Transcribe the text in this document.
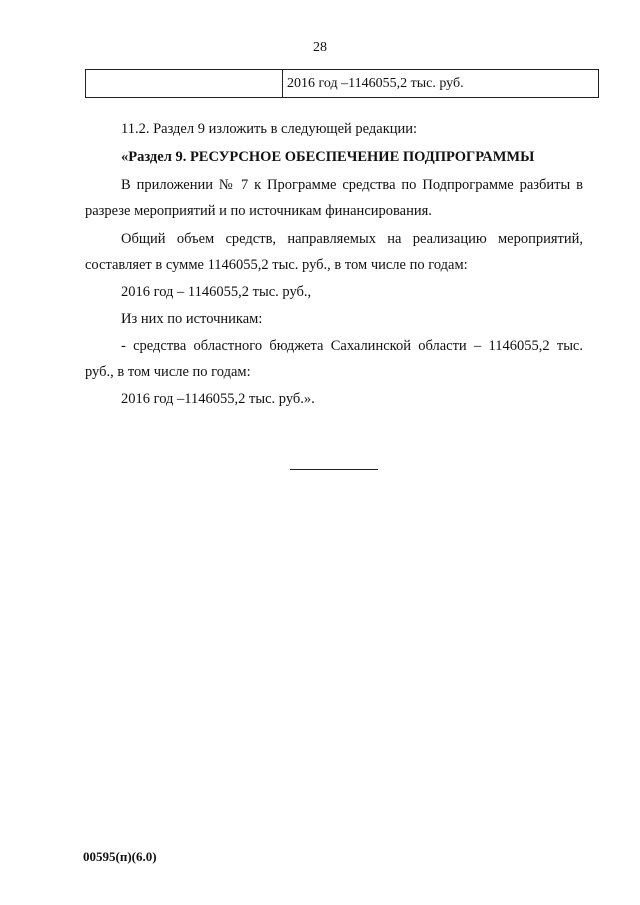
28
2016 год –1146055,2 тыс. руб.
11.2. Раздел 9 изложить в следующей редакции:
«Раздел 9. РЕСУРСНОЕ ОБЕСПЕЧЕНИЕ ПОДПРОГРАММЫ
В приложении № 7 к Программе средства по Подпрограмме разбиты в
разрезе мероприятий и по источникам финансирования.
Общий объем средств, направляемых на реализацию мероприятий,
составляет в сумме 1146055,2 тыс. руб., в том числе по годам:
2016 год – 1146055,2 тыс. руб.,
Из них по источникам:
- средства областного бюджета Сахалинской области – 1146055,2 тыс.
руб., в том числе по годам:
2016 год –1146055,2 тыс. руб.».
00595(п)(6.0)
